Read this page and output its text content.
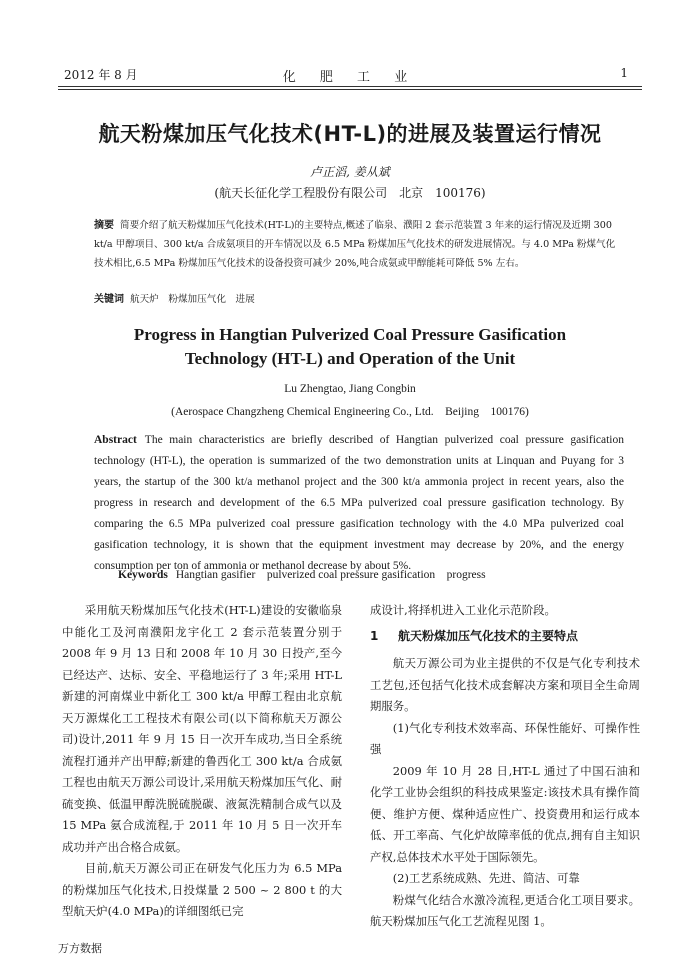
2012 年 8 月	化 肥 工 业	1
航天粉煤加压气化技术(HT-L)的进展及装置运行情况
卢正滔, 姜从斌
(航天长征化学工程股份有限公司　北京　100176)
摘要 简要介绍了航天粉煤加压气化技术(HT-L)的主要特点,概述了临泉、濮阳 2 套示范装置 3 年来的运行情况及近期 300 kt/a 甲醇项目、300 kt/a 合成氨项目的开车情况以及 6.5 MPa 粉煤加压气化技术的研发进展情况。与 4.0 MPa 粉煤气化技术相比,6.5 MPa 粉煤加压气化技术的设备投资可减少 20%,吨合成氨或甲醇能耗可降低 5% 左右。
关键词 航天炉　粉煤加压气化　进展
Progress in Hangtian Pulverized Coal Pressure Gasification
Technology (HT-L) and Operation of the Unit
Lu Zhengtao, Jiang Congbin
(Aerospace Changzheng Chemical Engineering Co., Ltd.　Beijing　100176)
Abstract The main characteristics are briefly described of Hangtian pulverized coal pressure gasification technology (HT-L), the operation is summarized of the two demonstration units at Linquan and Puyang for 3 years, the startup of the 300 kt/a methanol project and the 300 kt/a ammonia project in recent years, also the progress in research and development of the 6.5 MPa pulverized coal pressure gasification technology. By comparing the 6.5 MPa pulverized coal pressure gasification technology with the 4.0 MPa pulverized coal gasification technology, it is shown that the equipment investment may decrease by 20%, and the energy consumption per ton of ammonia or methanol decrease by about 5%.
Keywords Hangtian gasifier　pulverized coal pressure gasification　progress

采用航天粉煤加压气化技术(HT-L)建设的安徽临泉中能化工及河南濮阳龙宇化工 2 套示范装置分别于 2008 年 9 月 13 日和 2008 年 10 月 30 日投产,至今已经达产、达标、安全、平稳地运行了 3 年;采用 HT-L 新建的河南煤业中新化工 300 kt/a 甲醇工程由北京航天万源煤化工工程技术有限公司(以下简称航天万源公司)设计,2011 年 9 月 15 日一次开车成功,当日全系统流程打通并产出甲醇;新建的鲁西化工 300 kt/a 合成氨工程也由航天万源公司设计,采用航天粉煤加压气化、耐硫变换、低温甲醇洗脱硫脱碳、液氮洗精制合成气以及 15 MPa 氨合成流程,于 2011 年 10 月 5 日一次开车成功并产出合格合成氨。

目前,航天万源公司正在研发气化压力为 6.5 MPa 的粉煤加压气化技术,日投煤量 2 500 ~ 2 800 t 的大型航天炉(4.0 MPa)的详细图纸已完

成设计,将择机进入工业化示范阶段。

1 航天粉煤加压气化技术的主要特点

航天万源公司为业主提供的不仅是气化专利技术工艺包,还包括气化技术成套解决方案和项目全生命周期服务。

(1)气化专利技术效率高、环保性能好、可操作性强

2009 年 10 月 28 日,HT-L 通过了中国石油和化学工业协会组织的科技成果鉴定:该技术具有操作简便、维护方便、煤种适应性广、投资费用和运行成本低、开工率高、气化炉故障率低的优点,拥有自主知识产权,总体技术水平处于国际领先。

(2)工艺系统成熟、先进、简洁、可靠

粉煤气化结合水激冷流程,更适合化工项目要求。航天粉煤加压气化工艺流程见图 1。

万方数据
